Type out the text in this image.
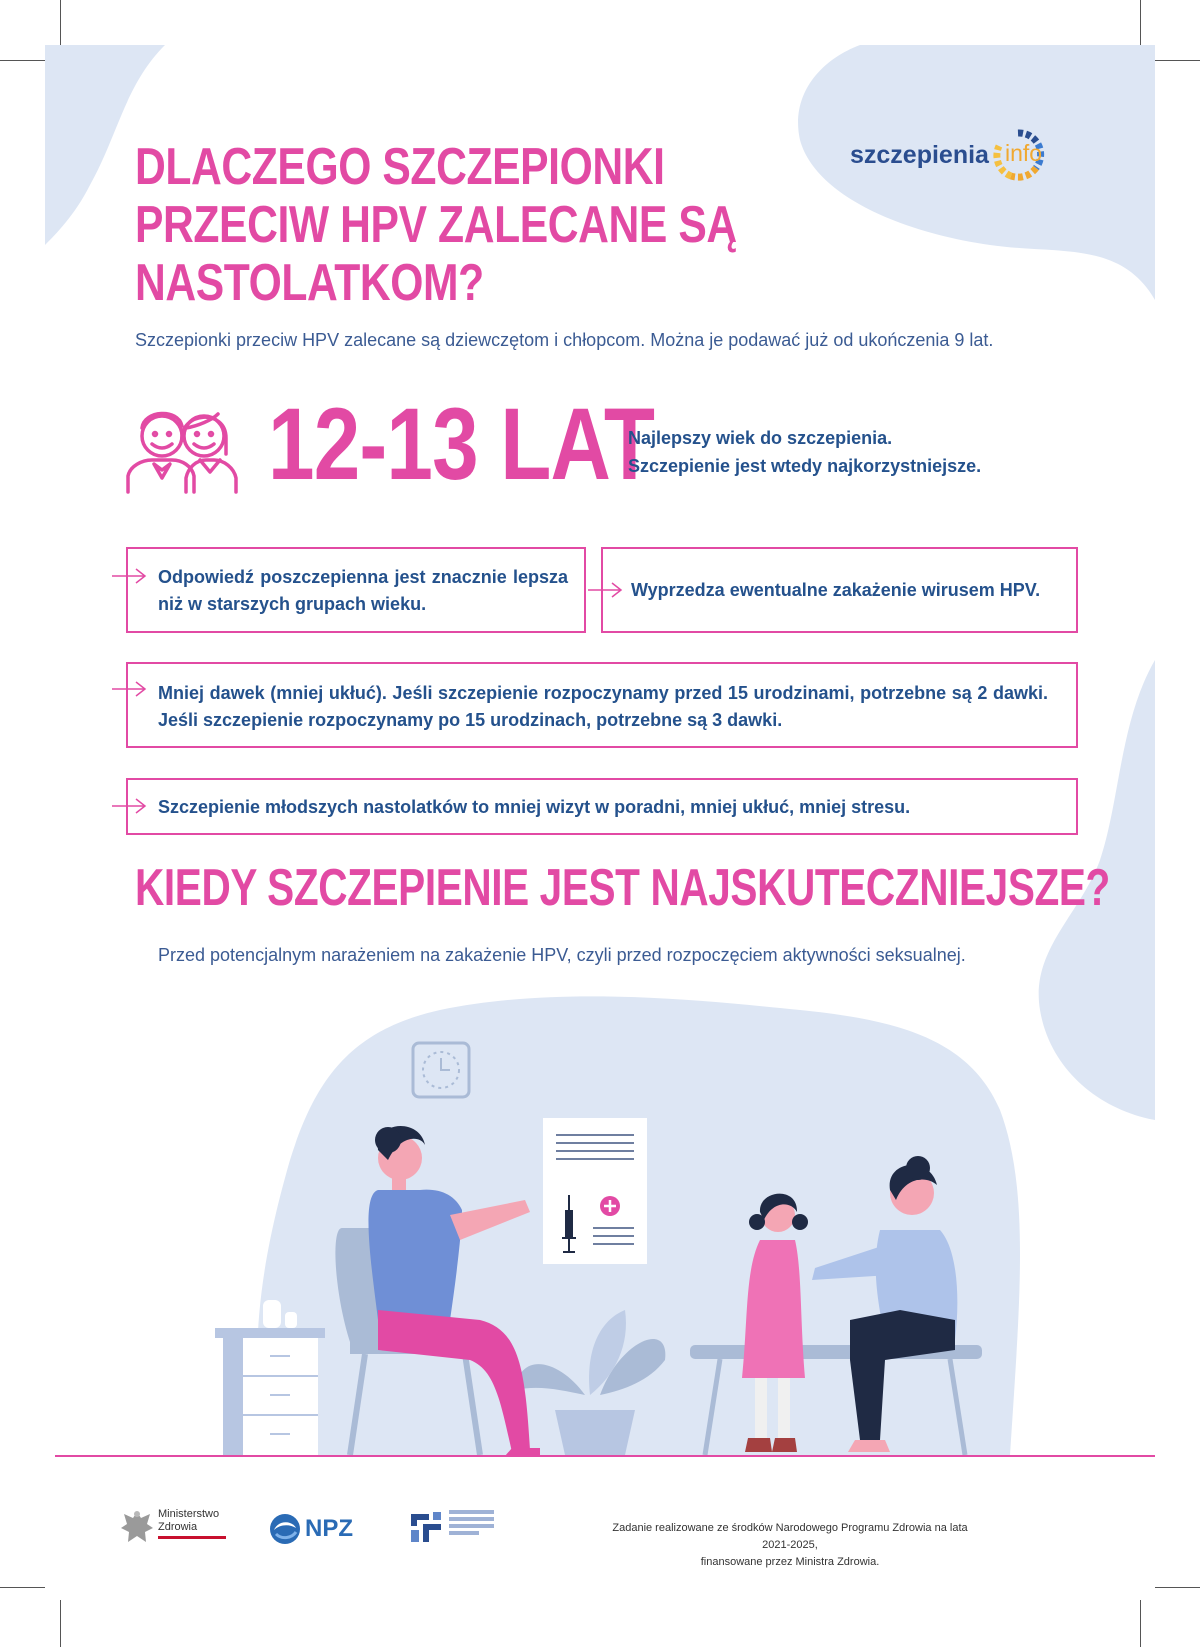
szczepienia info
DLACZEGO SZCZEPIONKI
PRZECIW HPV ZALECANE SĄ
NASTOLATKOM?
Szczepionki przeciw HPV zalecane są dziewczętom i chłopcom. Można je podawać już od ukończenia 9 lat.
12-13 LAT
Najlepszy wiek do szczepienia.
Szczepienie jest wtedy najkorzystniejsze.
Odpowiedź poszczepienna jest znacznie lepsza niż w starszych grupach wieku.
Wyprzedza ewentualne zakażenie wirusem HPV.
Mniej dawek (mniej ukłuć). Jeśli szczepienie rozpoczynamy przed 15 urodzinami, potrzebne są 2 dawki. Jeśli szczepienie rozpoczynamy po 15 urodzinach, potrzebne są 3 dawki.
Szczepienie młodszych nastolatków to mniej wizyt w poradni, mniej ukłuć, mniej stresu.
KIEDY SZCZEPIENIE JEST NAJSKUTECZNIEJSZE?
Przed potencjalnym narażeniem na zakażenie HPV, czyli przed rozpoczęciem aktywności seksualnej.
Ministerstwo
Zdrowia	NPZ	Zadanie realizowane ze środków Narodowego Programu Zdrowia na lata 2021-2025,
finansowane przez Ministra Zdrowia.
